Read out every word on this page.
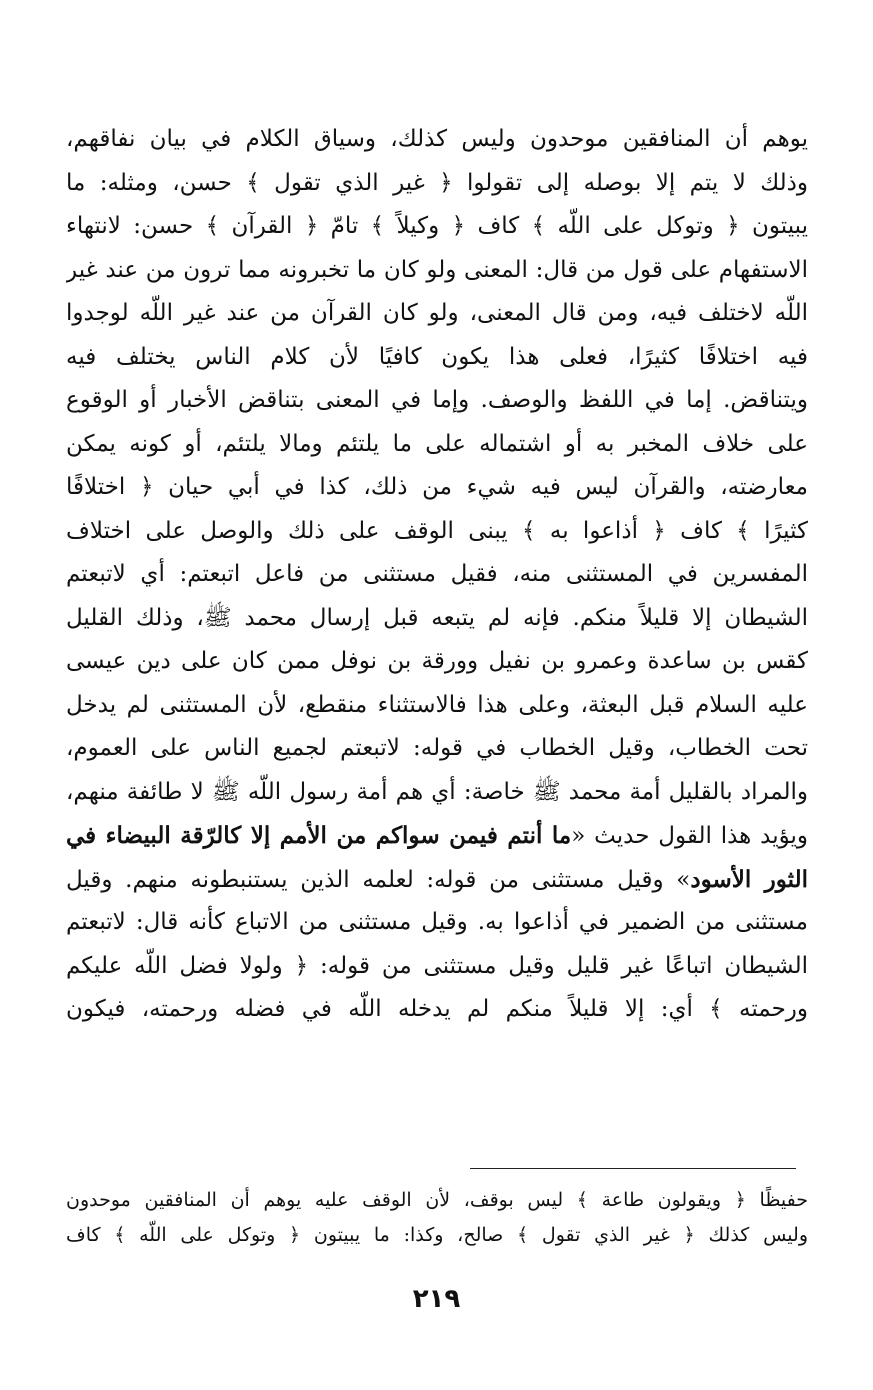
يوهم أن المنافقين موحدون وليس كذلك، وسياق الكلام في بيان نفاقهم،
وذلك لا يتم إلا بوصله إلى تقولوا ﴿ غير الذي تقول ﴾ حسن، ومثله: ما
يبيتون ﴿ وتوكل على اللّه ﴾ كاف ﴿ وكيلاً ﴾ تامّ ﴿ القرآن ﴾ حسن: لانتهاء
الاستفهام على قول من قال: المعنى ولو كان ما تخبرونه مما ترون من عند غير
اللّه لاختلف فيه، ومن قال المعنى، ولو كان القرآن من عند غير اللّه لوجدوا
فيه اختلافًا كثيرًا، فعلى هذا يكون كافيًا لأن كلام الناس يختلف فيه
ويتناقض. إما في اللفظ والوصف. وإما في المعنى بتناقض الأخبار أو الوقوع
على خلاف المخبر به أو اشتماله على ما يلتئم ومالا يلتئم، أو كونه يمكن
معارضته، والقرآن ليس فيه شيء من ذلك، كذا في أبي حيان ﴿ اختلافًا
كثيرًا ﴾ كاف ﴿ أذاعوا به ﴾ يبنى الوقف على ذلك والوصل على اختلاف
المفسرين في المستثنى منه، فقيل مستثنى من فاعل اتبعتم: أي لاتبعتم
الشيطان إلا قليلاً منكم. فإنه لم يتبعه قبل إرسال محمد ﷺ، وذلك القليل
كقس بن ساعدة وعمرو بن نفيل وورقة بن نوفل ممن كان على دين عيسى
عليه السلام قبل البعثة، وعلى هذا فالاستثناء منقطع، لأن المستثنى لم يدخل
تحت الخطاب، وقيل الخطاب في قوله: لاتبعتم لجميع الناس على العموم،
والمراد بالقليل أمة محمد ﷺ خاصة: أي هم أمة رسول اللّه ﷺ لا طائفة منهم،
ويؤيد هذا القول حديث «ما أنتم فيمن سواكم من الأمم إلا كالرّقة البيضاء في
الثور الأسود» وقيل مستثنى من قوله: لعلمه الذين يستنبطونه منهم. وقيل
مستثنى من الضمير في أذاعوا به. وقيل مستثنى من الاتباع كأنه قال: لاتبعتم
الشيطان اتباعًا غير قليل وقيل مستثنى من قوله: ﴿ ولولا فضل اللّه عليكم
ورحمته ﴾ أي: إلا قليلاً منكم لم يدخله اللّه في فضله ورحمته، فيكون
حفيظًا ﴿ ويقولون طاعة ﴾ ليس بوقف، لأن الوقف عليه يوهم أن المنافقين موحدون
وليس كذلك ﴿ غير الذي تقول ﴾ صالح، وكذا: ما يبيتون ﴿ وتوكل على اللّه ﴾ كاف
٢١٩
